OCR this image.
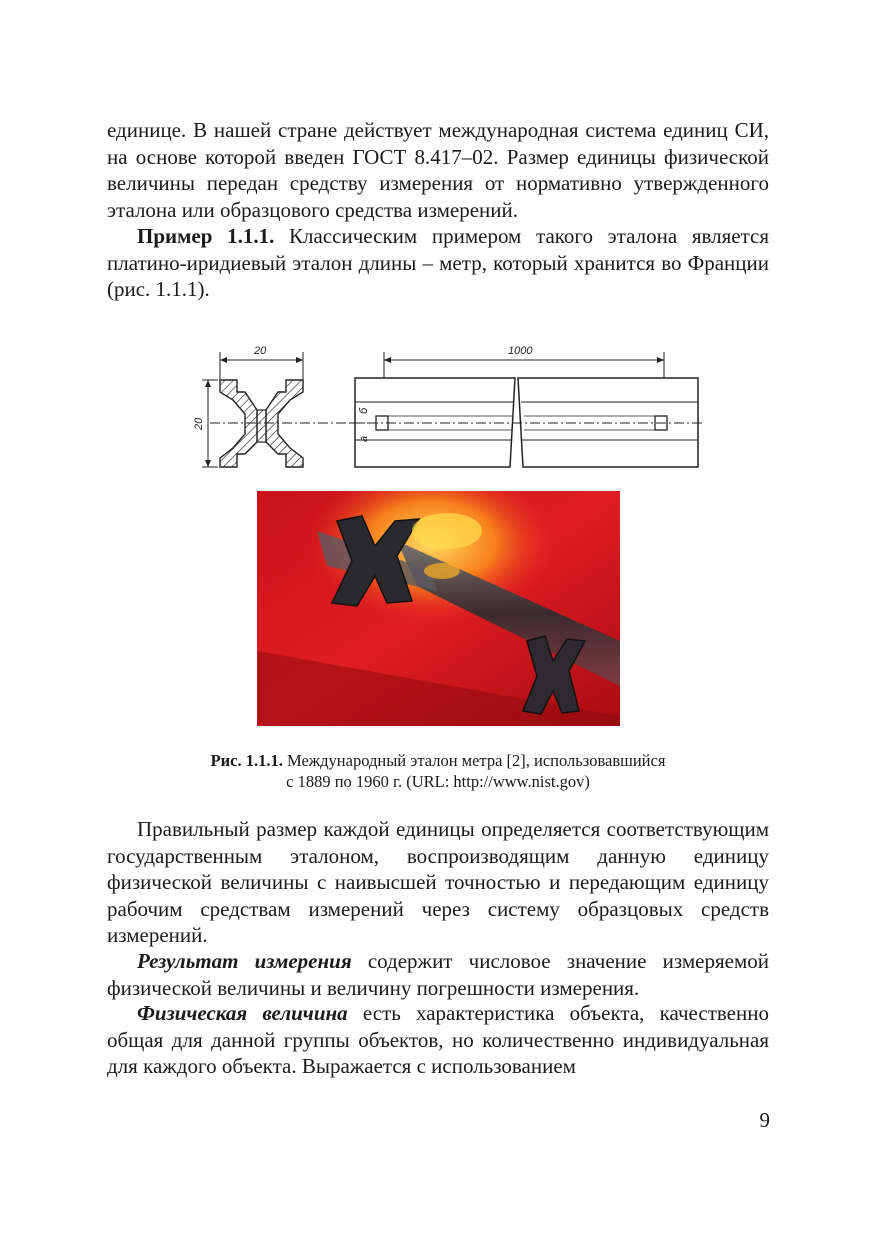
единице. В нашей стране действует международная система единиц СИ, на основе которой введен ГОСТ 8.417–02. Размер единицы физической величины передан средству измерения от нормативно утвержденного эталона или образцового средства измерений.

Пример 1.1.1. Классическим примером такого эталона является платино-иридиевый эталон длины – метр, который хранится во Франции (рис. 1.1.1).

20
20
1000
а
б

Рис. 1.1.1. Международный эталон метра [2], использовавшийся

с 1889 по 1960 г. (URL: http://www.nist.gov)

Правильный размер каждой единицы определяется соответствующим государственным эталоном, воспроизводящим данную единицу физической величины с наивысшей точностью и передающим единицу рабочим средствам измерений через систему образцовых средств измерений.

Результат измерения содержит числовое значение измеряемой физической величины и величину погрешности измерения.

Физическая величина есть характеристика объекта, качественно общая для данной группы объектов, но количественно индивидуальная для каждого объекта. Выражается с использованием

9
